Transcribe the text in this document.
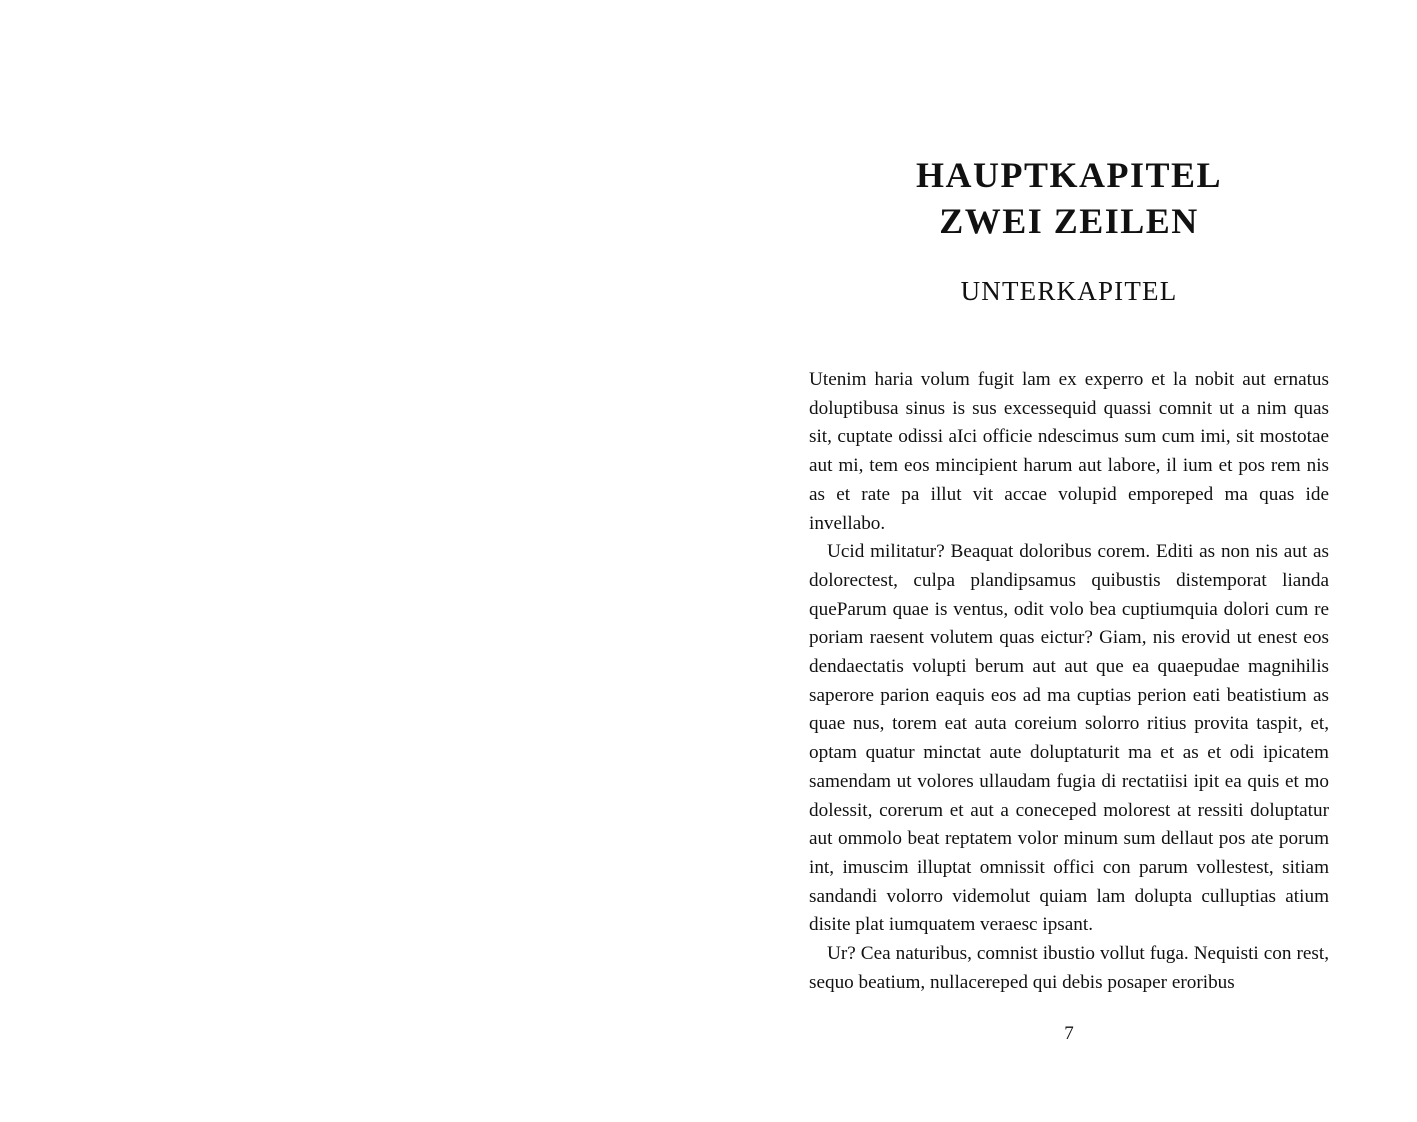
HAUPTKAPITEL
ZWEI ZEILEN
UNTERKAPITEL

Utenim haria volum fugit lam ex experro et la nobit aut ernatus doluptibusa sinus is sus excessequid quassi comnit ut a nim quas sit, cuptate odissi aIci officie ndescimus sum cum imi, sit mostotae aut mi, tem eos mincipient harum aut labore, il ium et pos rem nis as et rate pa illut vit accae volupid emporeped ma quas ide invellabo.

Ucid militatur? Beaquat doloribus corem. Editi as non nis aut as dolorectest, culpa plandipsamus quibustis distemporat lianda queParum quae is ventus, odit volo bea cuptiumquia dolori cum re poriam raesent volutem quas eictur? Giam, nis erovid ut enest eos dendaectatis volupti berum aut aut que ea quaepudae magnihilis saperore parion eaquis eos ad ma cuptias perion eati beatistium as quae nus, torem eat auta coreium solorro ritius provita taspit, et, optam quatur minctat aute doluptaturit ma et as et odi ipicatem samendam ut volores ullaudam fugia di rectatiisi ipit ea quis et mo dolessit, corerum et aut a coneceped molorest at ressiti doluptatur aut ommolo beat reptatem volor minum sum dellaut pos ate porum int, imuscim illuptat omnissit offici con parum vollestest, sitiam sandandi volorro videmolut quiam lam dolupta culluptias atium disite plat iumquatem veraesc ipsant.

Ur? Cea naturibus, comnist ibustio vollut fuga. Nequisti con rest, sequo beatium, nullacereped qui debis posaper eroribus

7
